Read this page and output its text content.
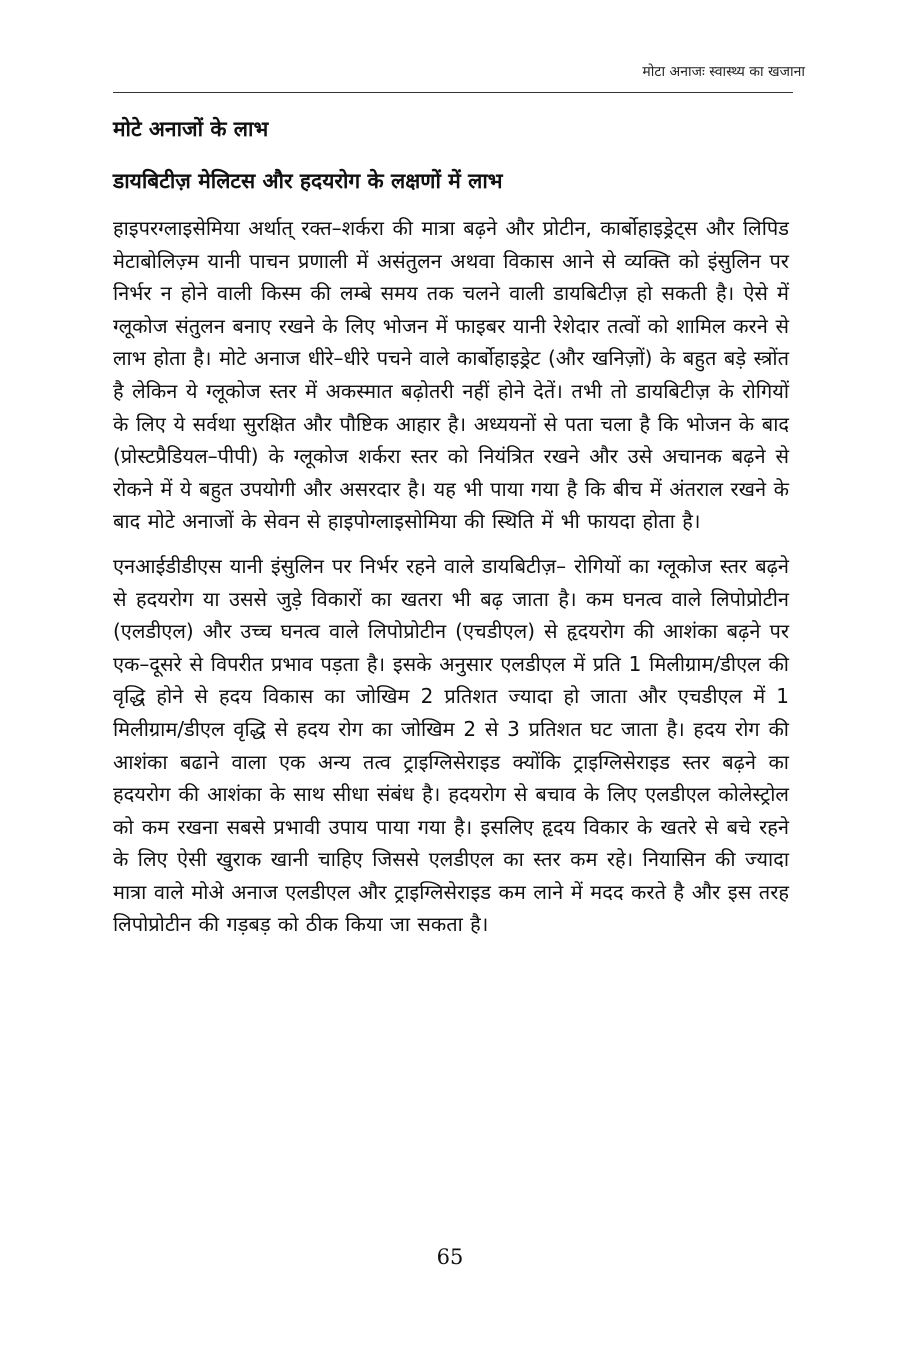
मोटा अनाजः स्वास्थ्य का खजाना
मोटे अनाजों के लाभ
डायबिटीज़ मेलिटस और हदयरोग के लक्षणों में लाभ

हाइपरग्लाइसेमिया अर्थात् रक्त–शर्करा की मात्रा बढ़ने और प्रोटीन, कार्बोहाइड्रेट्स और लिपिड मेटाबोलिज़्म यानी पाचन प्रणाली में असंतुलन अथवा विकास आने से व्यक्ति को इंसुलिन पर निर्भर न होने वाली किस्म की लम्बे समय तक चलने वाली डायबिटीज़ हो सकती है। ऐसे में ग्लूकोज संतुलन बनाए रखने के लिए भोजन में फाइबर यानी रेशेदार तत्वों को शामिल करने से लाभ होता है। मोटे अनाज धीरे–धीरे पचने वाले कार्बोहाइड्रेट (और खनिज़ों) के बहुत बड़े स्त्रोंत है लेकिन ये ग्लूकोज स्तर में अकस्मात बढ़ोतरी नहीं होने देतें। तभी तो डायबिटीज़ के रोगियों के लिए ये सर्वथा सुरक्षित और पौष्टिक आहार है। अध्ययनों से पता चला है कि भोजन के बाद (प्रोस्टप्रैडियल–पीपी) के ग्लूकोज शर्करा स्तर को नियंत्रित रखने और उसे अचानक बढ़ने से रोकने में ये बहुत उपयोगी और असरदार है। यह भी पाया गया है कि बीच में अंतराल रखने के बाद मोटे अनाजों के सेवन से हाइपोग्लाइसोमिया की स्थिति में भी फायदा होता है।

एनआईडीडीएस यानी इंसुलिन पर निर्भर रहने वाले डायबिटीज़– रोगियों का ग्लूकोज स्तर बढ़ने से हदयरोग या उससे जुड़े विकारों का खतरा भी बढ़ जाता है। कम घनत्व वाले लिपोप्रोटीन (एलडीएल) और उच्च घनत्व वाले लिपोप्रोटीन (एचडीएल) से हृदयरोग की आशंका बढ़ने पर एक–दूसरे से विपरीत प्रभाव पड़ता है। इसके अनुसार एलडीएल में प्रति 1 मिलीग्राम/डीएल की वृद्धि होने से हदय विकास का जोखिम 2 प्रतिशत ज्यादा हो जाता और एचडीएल में 1 मिलीग्राम/डीएल वृद्धि से हदय रोग का जोखिम 2 से 3 प्रतिशत घट जाता है। हदय रोग की आशंका बढाने वाला एक अन्य तत्व ट्राइग्लिसेराइड क्योंकि ट्राइग्लिसेराइड स्तर बढ़ने का हदयरोग की आशंका के साथ सीधा संबंध है। हदयरोग से बचाव के लिए एलडीएल कोलेस्ट्रोल को कम रखना सबसे प्रभावी उपाय पाया गया है। इसलिए हृदय विकार के खतरे से बचे रहने के लिए ऐसी खुराक खानी चाहिए जिससे एलडीएल का स्तर कम रहे। नियासिन की ज्यादा मात्रा वाले मोअे अनाज एलडीएल और ट्राइग्लिसेराइड कम लाने में मदद करते है और इस तरह लिपोप्रोटीन की गड़बड़ को ठीक किया जा सकता है।

65
